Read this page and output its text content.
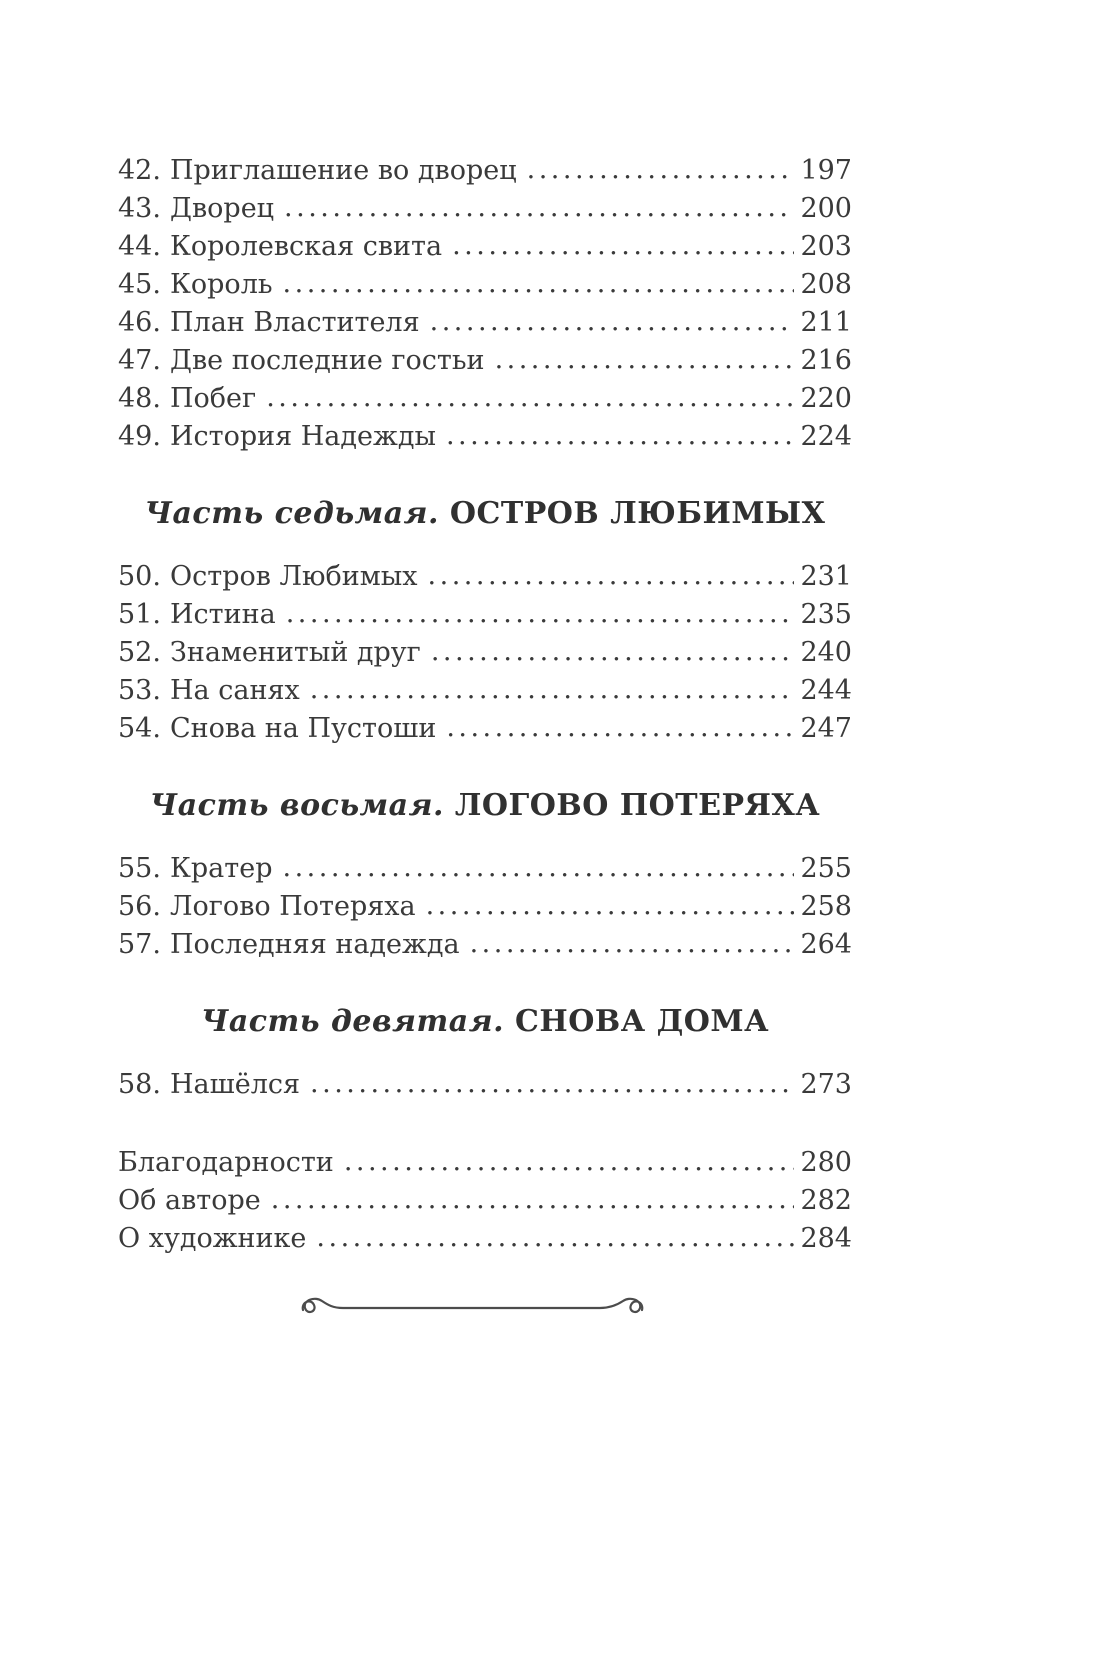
42. Приглашение во дворец .....	197
43. Дворец .....	200
44. Королевская свита .....	203
45. Король .....	208
46. План Властителя .....	211
47. Две последние гостьи .....	216
48. Побег .....	220
49. История Надежды .....	224
Часть седьмая. ОСТРОВ ЛЮБИМЫХ
50. Остров Любимых .....	231
51. Истина .....	235
52. Знаменитый друг .....	240
53. На санях .....	244
54. Снова на Пустоши .....	247
Часть восьмая. ЛОГОВО ПОТЕРЯХА
55. Кратер .....	255
56. Логово Потеряха .....	258
57. Последняя надежда .....	264
Часть девятая. СНОВА ДОМА
58. Нашёлся .....	273
Благодарности .....	280
Об авторе .....	282
О художнике .....	284
